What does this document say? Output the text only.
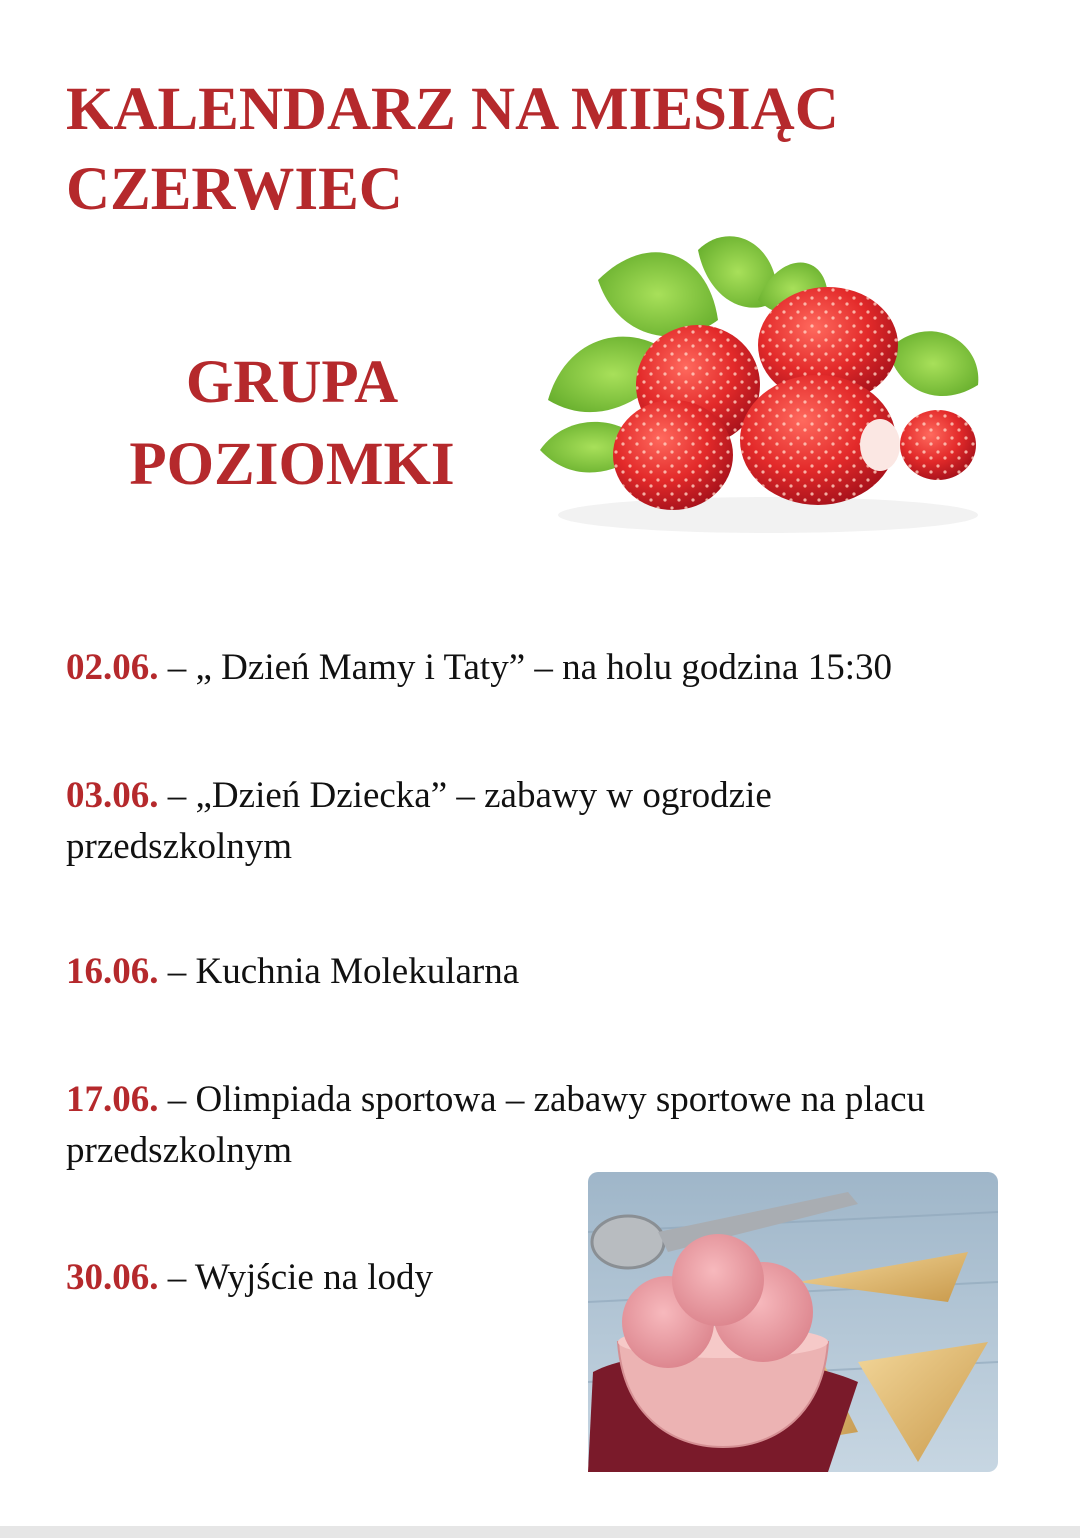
KALENDARZ NA MIESIĄC
CZERWIEC
GRUPA
POZIOMKI
02.06. – „ Dzień Mamy i Taty” – na holu godzina 15:30
03.06. – „Dzień Dziecka” – zabawy w ogrodzie przedszkolnym
16.06. – Kuchnia Molekularna
17.06. – Olimpiada sportowa – zabawy sportowe na placu przedszkolnym
30.06. – Wyjście na lody
